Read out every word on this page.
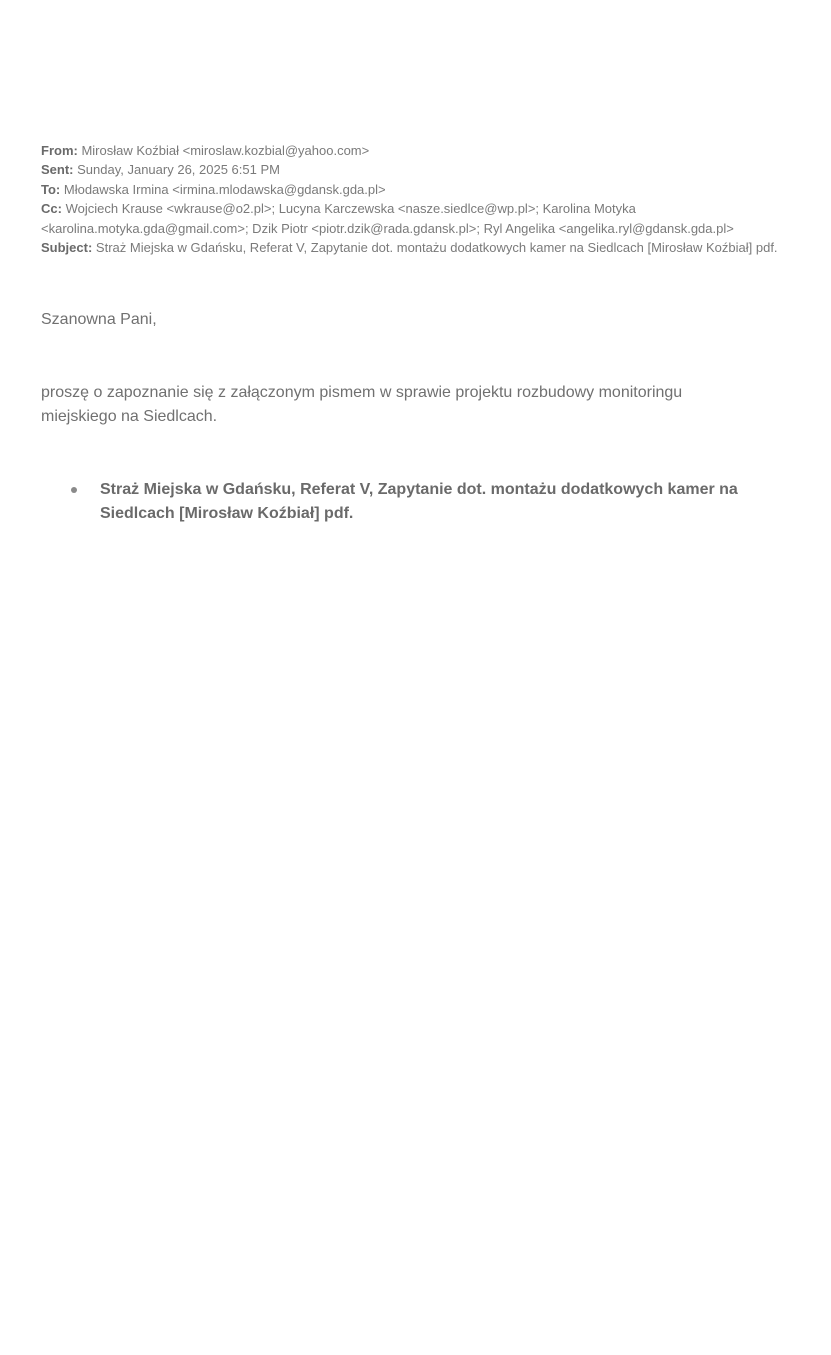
From: Mirosław Koźbiał <miroslaw.kozbial@yahoo.com>

Sent: Sunday, January 26, 2025 6:51 PM

To: Młodawska Irmina <irmina.mlodawska@gdansk.gda.pl>

Cc: Wojciech Krause <wkrause@o2.pl>; Lucyna Karczewska <nasze.siedlce@wp.pl>; Karolina Motyka <karolina.motyka.gda@gmail.com>; Dzik Piotr <piotr.dzik@rada.gdansk.pl>; Ryl Angelika <angelika.ryl@gdansk.gda.pl>

Subject: Straż Miejska w Gdańsku, Referat V, Zapytanie dot. montażu dodatkowych kamer na Siedlcach [Mirosław Koźbiał] pdf.

Szanowna Pani,
proszę o zapoznanie się z załączonym pismem w sprawie projektu rozbudowy monitoringu miejskiego na Siedlcach.
Straż Miejska w Gdańsku, Referat V, Zapytanie dot. montażu dodatkowych kamer na Siedlcach [Mirosław Koźbiał] pdf.
